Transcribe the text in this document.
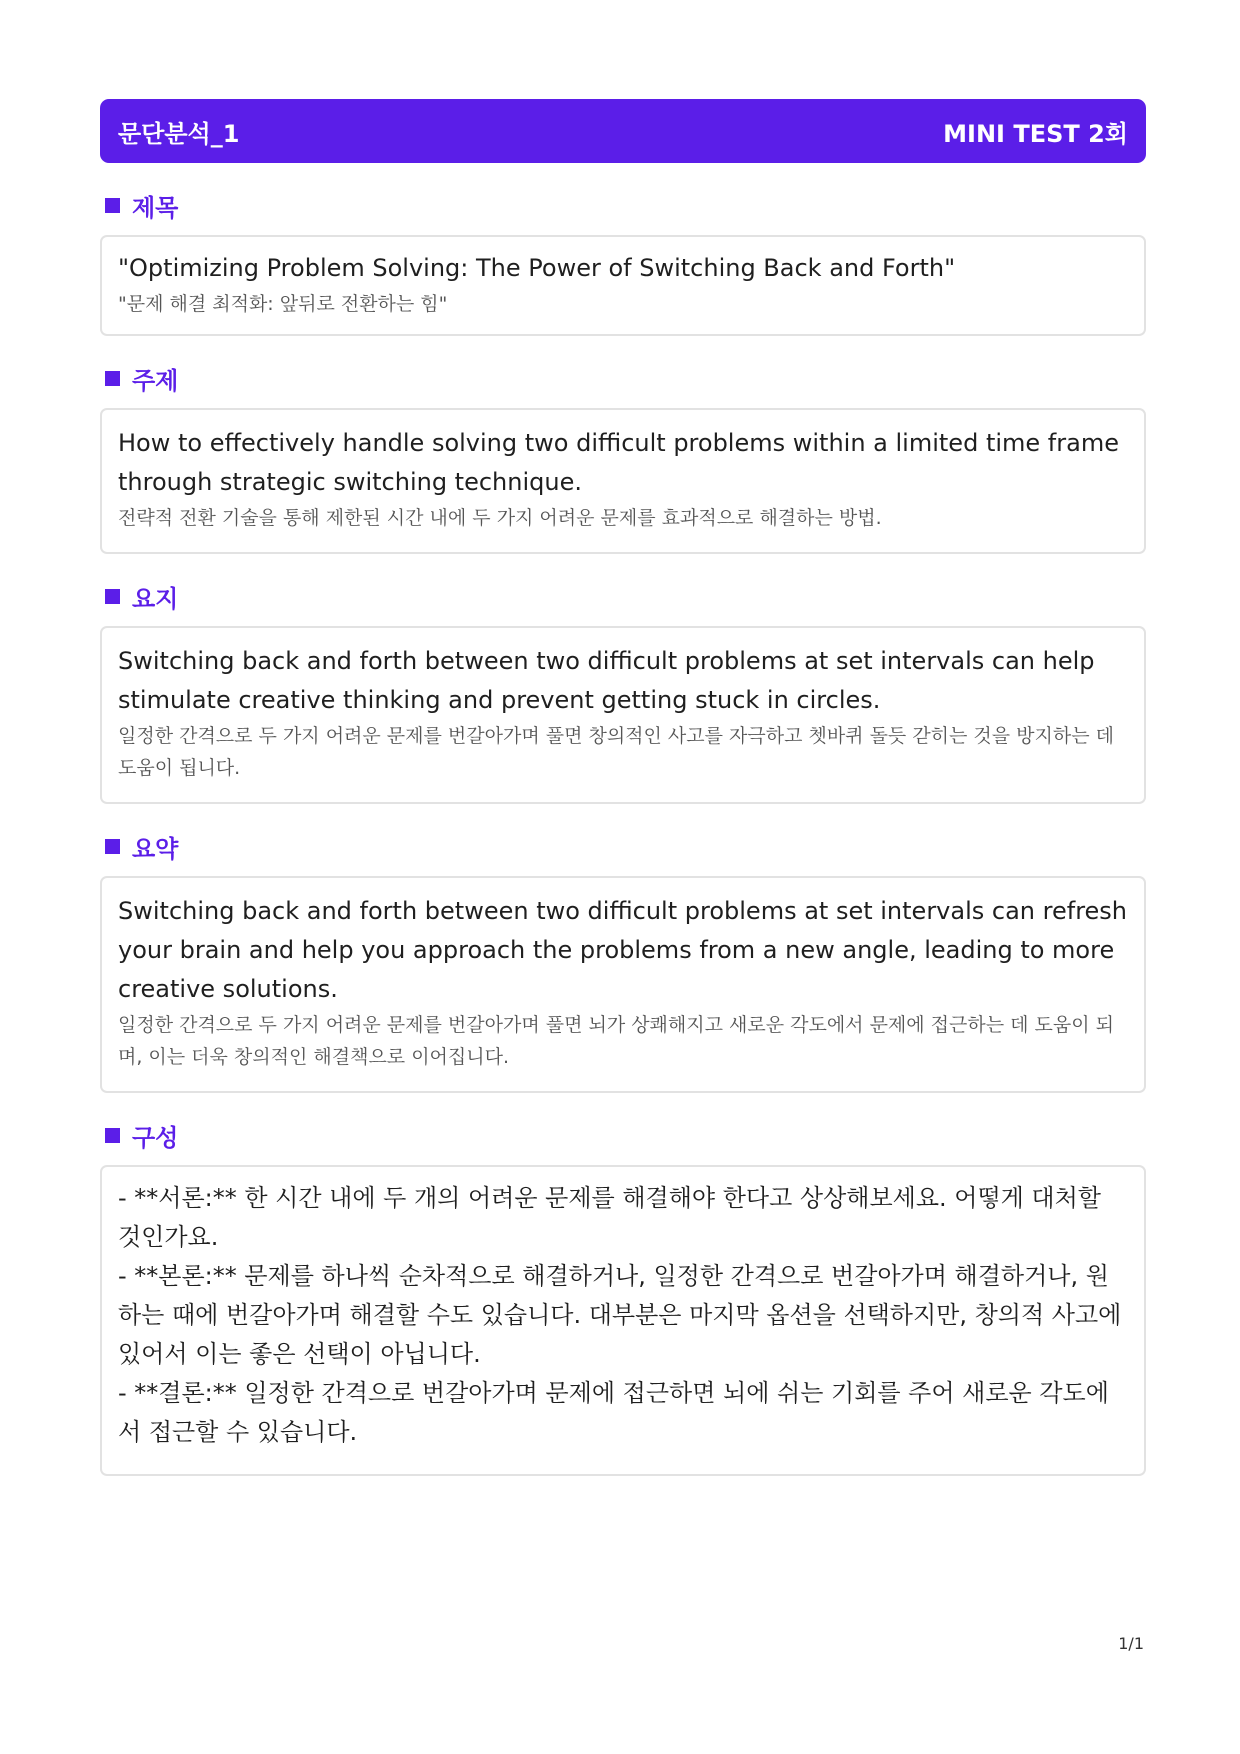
문단분석_1	MINI TEST 2회
제목

"Optimizing Problem Solving: The Power of Switching Back and Forth"

"문제 해결 최적화: 앞뒤로 전환하는 힘"

주제

How to effectively handle solving two difficult problems within a limited time frame through strategic switching technique.

전략적 전환 기술을 통해 제한된 시간 내에 두 가지 어려운 문제를 효과적으로 해결하는 방법.

요지

Switching back and forth between two difficult problems at set intervals can help stimulate creative thinking and prevent getting stuck in circles.

일정한 간격으로 두 가지 어려운 문제를 번갈아가며 풀면 창의적인 사고를 자극하고 쳇바퀴 돌듯 갇히는 것을 방지하는 데 도움이 됩니다.

요약

Switching back and forth between two difficult problems at set intervals can refresh your brain and help you approach the problems from a new angle, leading to more creative solutions.

일정한 간격으로 두 가지 어려운 문제를 번갈아가며 풀면 뇌가 상쾌해지고 새로운 각도에서 문제에 접근하는 데 도움이 되며, 이는 더욱 창의적인 해결책으로 이어집니다.

구성

- **서론:** 한 시간 내에 두 개의 어려운 문제를 해결해야 한다고 상상해보세요. 어떻게 대처할 것인가요.

- **본론:** 문제를 하나씩 순차적으로 해결하거나, 일정한 간격으로 번갈아가며 해결하거나, 원하는 때에 번갈아가며 해결할 수도 있습니다. 대부분은 마지막 옵션을 선택하지만, 창의적 사고에 있어서 이는 좋은 선택이 아닙니다.

- **결론:** 일정한 간격으로 번갈아가며 문제에 접근하면 뇌에 쉬는 기회를 주어 새로운 각도에서 접근할 수 있습니다.

1/1
